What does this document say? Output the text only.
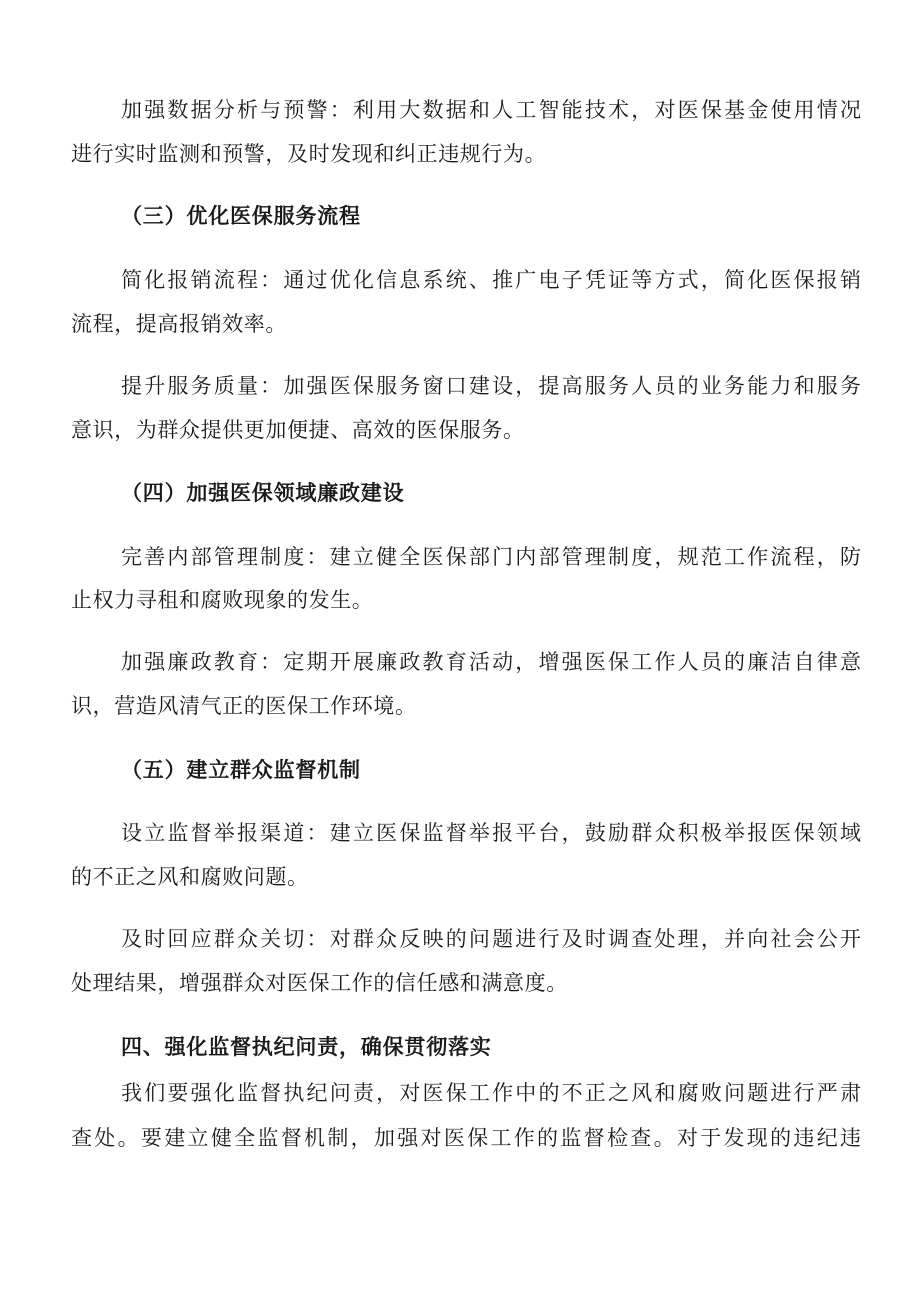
加强数据分析与预警：利用大数据和人工智能技术，对医保基金使用情况
进行实时监测和预警，及时发现和纠正违规行为。
（三）优化医保服务流程
简化报销流程：通过优化信息系统、推广电子凭证等方式，简化医保报销
流程，提高报销效率。
提升服务质量：加强医保服务窗口建设，提高服务人员的业务能力和服务
意识，为群众提供更加便捷、高效的医保服务。
（四）加强医保领域廉政建设
完善内部管理制度：建立健全医保部门内部管理制度，规范工作流程，防
止权力寻租和腐败现象的发生。
加强廉政教育：定期开展廉政教育活动，增强医保工作人员的廉洁自律意
识，营造风清气正的医保工作环境。
（五）建立群众监督机制
设立监督举报渠道：建立医保监督举报平台，鼓励群众积极举报医保领域
的不正之风和腐败问题。
及时回应群众关切：对群众反映的问题进行及时调查处理，并向社会公开
处理结果，增强群众对医保工作的信任感和满意度。
四、强化监督执纪问责，确保贯彻落实
我们要强化监督执纪问责，对医保工作中的不正之风和腐败问题进行严肃
查处。要建立健全监督机制，加强对医保工作的监督检查。对于发现的违纪违
